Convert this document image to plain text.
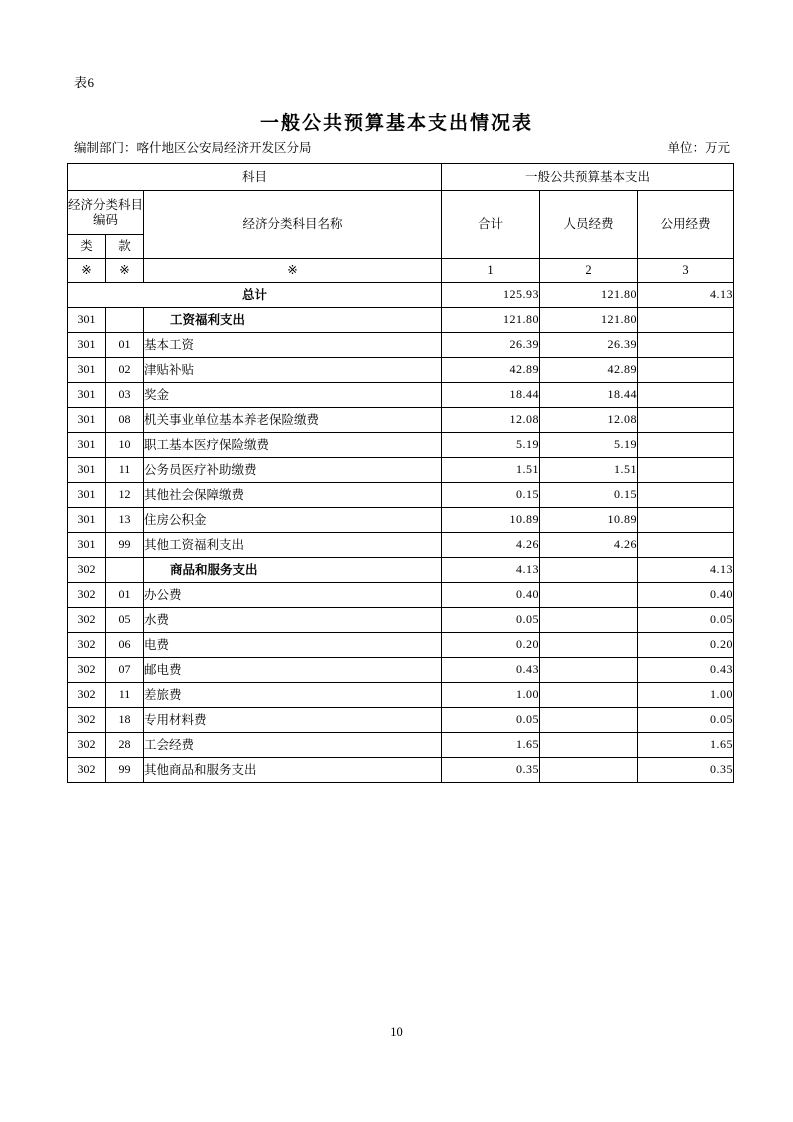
表6
一般公共预算基本支出情况表
编制部门：喀什地区公安局经济开发区分局	单位：万元
科目			一般公共预算基本支出		
经济分类科目编码		经济分类科目名称	合计	人员经费	公用经费
类	款				
※	※	※	1	2	3
总计			125.93	121.80	4.13
301		工资福利支出	121.80	121.80	
301	01	基本工资	26.39	26.39	
301	02	津贴补贴	42.89	42.89	
301	03	奖金	18.44	18.44	
301	08	机关事业单位基本养老保险缴费	12.08	12.08	
301	10	职工基本医疗保险缴费	5.19	5.19	
301	11	公务员医疗补助缴费	1.51	1.51	
301	12	其他社会保障缴费	0.15	0.15	
301	13	住房公积金	10.89	10.89	
301	99	其他工资福利支出	4.26	4.26	
302		商品和服务支出	4.13		4.13
302	01	办公费	0.40		0.40
302	05	水费	0.05		0.05
302	06	电费	0.20		0.20
302	07	邮电费	0.43		0.43
302	11	差旅费	1.00		1.00
302	18	专用材料费	0.05		0.05
302	28	工会经费	1.65		1.65
302	99	其他商品和服务支出	0.35		0.35
10
